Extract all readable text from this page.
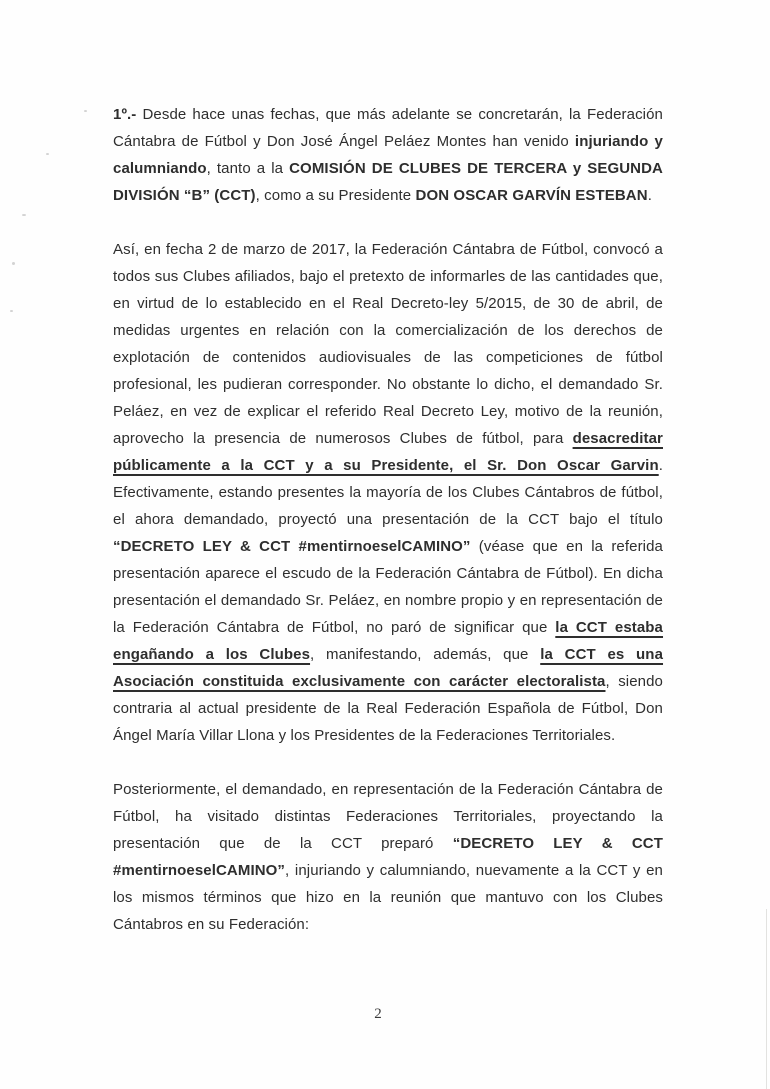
1º.- Desde hace unas fechas, que más adelante se concretarán, la Federación Cántabra de Fútbol y Don José Ángel Peláez Montes han venido injuriando y calumniando, tanto a la COMISIÓN DE CLUBES DE TERCERA y SEGUNDA DIVISIÓN “B” (CCT), como a su Presidente DON OSCAR GARVÍN ESTEBAN.

Así, en fecha 2 de marzo de 2017, la Federación Cántabra de Fútbol, convocó a todos sus Clubes afiliados, bajo el pretexto de informarles de las cantidades que, en virtud de lo establecido en el Real Decreto-ley 5/2015, de 30 de abril, de medidas urgentes en relación con la comercialización de los derechos de explotación de contenidos audiovisuales de las competiciones de fútbol profesional, les pudieran corresponder. No obstante lo dicho, el demandado Sr. Peláez, en vez de explicar el referido Real Decreto Ley, motivo de la reunión, aprovecho la presencia de numerosos Clubes de fútbol, para desacreditar públicamente a la CCT y a su Presidente, el Sr. Don Oscar Garvin. Efectivamente, estando presentes la mayoría de los Clubes Cántabros de fútbol, el ahora demandado, proyectó una presentación de la CCT bajo el título “DECRETO LEY & CCT #mentirnoeselCAMINO” (véase que en la referida presentación aparece el escudo de la Federación Cántabra de Fútbol). En dicha presentación el demandado Sr. Peláez, en nombre propio y en representación de la Federación Cántabra de Fútbol, no paró de significar que la CCT estaba engañando a los Clubes, manifestando, además, que la CCT es una Asociación constituida exclusivamente con carácter electoralista, siendo contraria al actual presidente de la Real Federación Española de Fútbol, Don Ángel María Villar Llona y los Presidentes de la Federaciones Territoriales.

Posteriormente, el demandado, en representación de la Federación Cántabra de Fútbol, ha visitado distintas Federaciones Territoriales, proyectando la presentación que de la CCT preparó “DECRETO LEY & CCT #mentirnoeselCAMINO”, injuriando y calumniando, nuevamente a la CCT y en los mismos términos que hizo en la reunión que mantuvo con los Clubes Cántabros en su Federación:

2
